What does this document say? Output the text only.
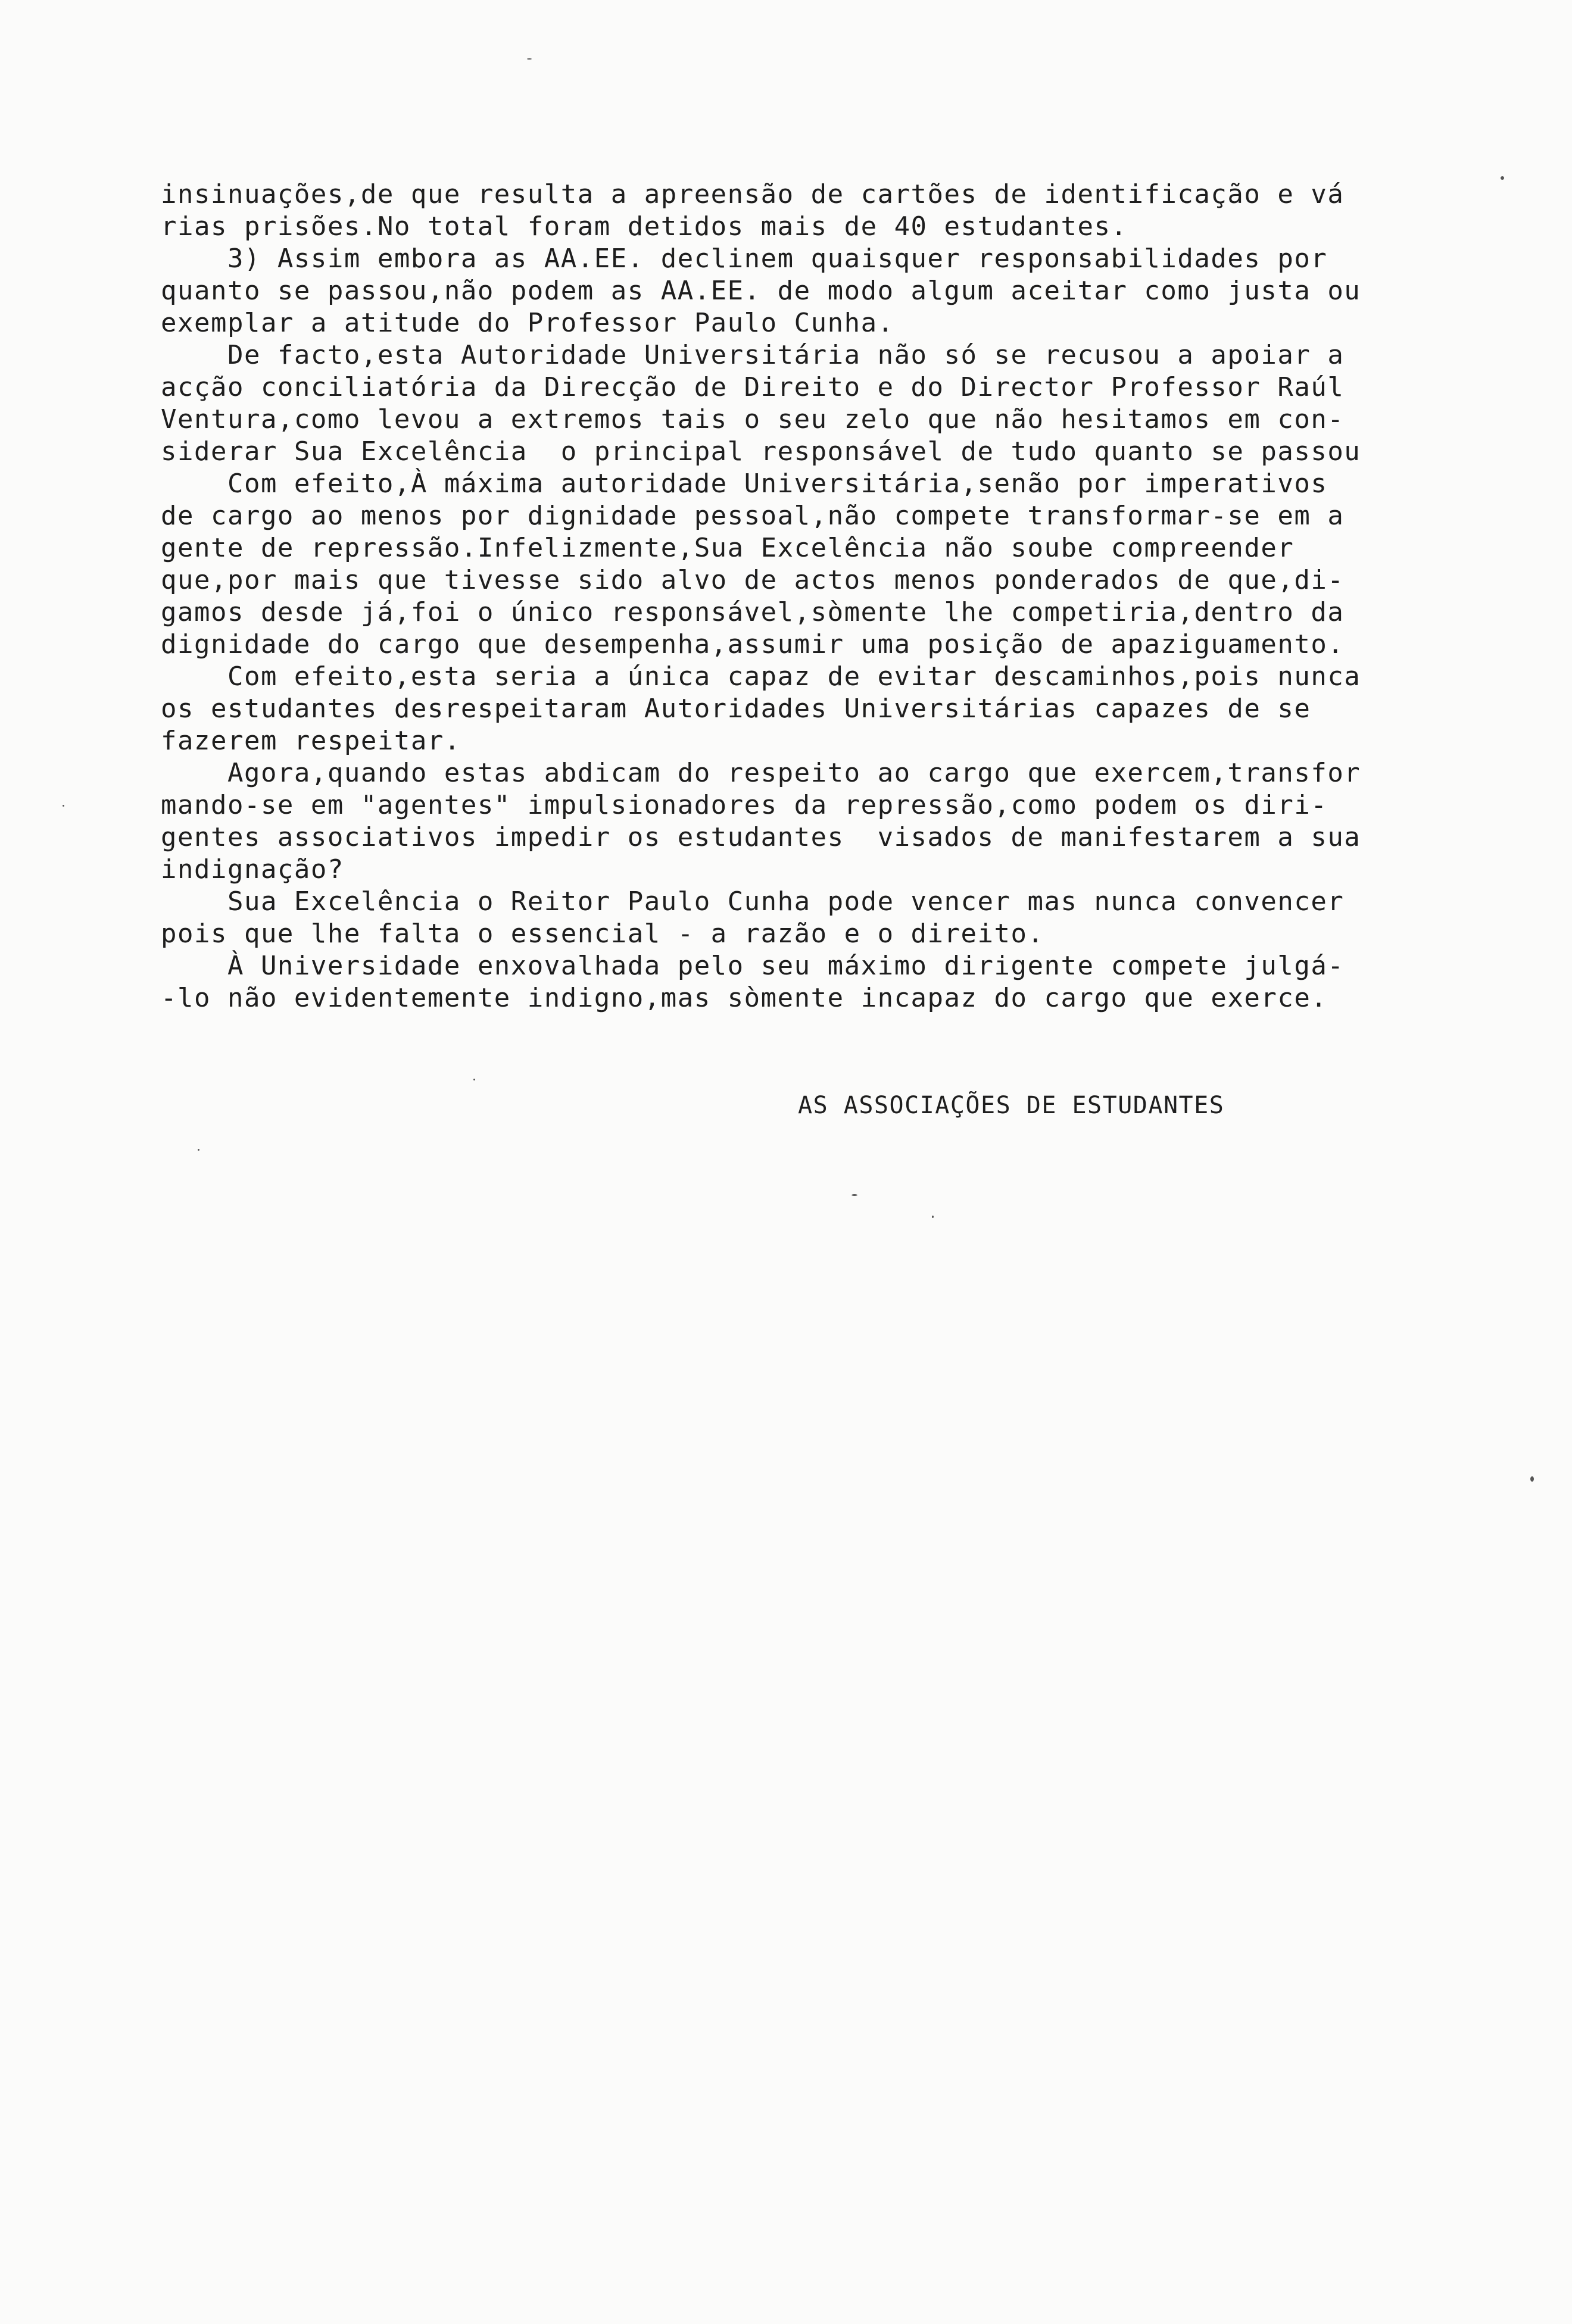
insinuações,de que resulta a apreensão de cartões de identificação e vá
rias prisões.No total foram detidos mais de 40 estudantes.
3) Assim embora as AA.EE. declinem quaisquer responsabilidades por
quanto se passou,não podem as AA.EE. de modo algum aceitar como justa ou
exemplar a atitude do Professor Paulo Cunha.
De facto,esta Autoridade Universitária não só se recusou a apoiar a
acção conciliatória da Direcção de Direito e do Director Professor Raúl
Ventura,como levou a extremos tais o seu zelo que não hesitamos em con-
siderar Sua Excelência  o principal responsável de tudo quanto se passou
Com efeito,À máxima autoridade Universitária,senão por imperativos
de cargo ao menos por dignidade pessoal,não compete transformar-se em a
gente de repressão.Infelizmente,Sua Excelência não soube compreender
que,por mais que tivesse sido alvo de actos menos ponderados de que,di-
gamos desde já,foi o único responsável,sòmente lhe competiria,dentro da
dignidade do cargo que desempenha,assumir uma posição de apaziguamento.
Com efeito,esta seria a única capaz de evitar descaminhos,pois nunca
os estudantes desrespeitaram Autoridades Universitárias capazes de se
fazerem respeitar.
Agora,quando estas abdicam do respeito ao cargo que exercem,transfor
mando-se em "agentes" impulsionadores da repressão,como podem os diri-
gentes associativos impedir os estudantes  visados de manifestarem a sua
indignação?
Sua Excelência o Reitor Paulo Cunha pode vencer mas nunca convencer
pois que lhe falta o essencial - a razão e o direito.
À Universidade enxovalhada pelo seu máximo dirigente compete julgá-
-lo não evidentemente indigno,mas sòmente incapaz do cargo que exerce.
AS ASSOCIAÇÕES DE ESTUDANTES
